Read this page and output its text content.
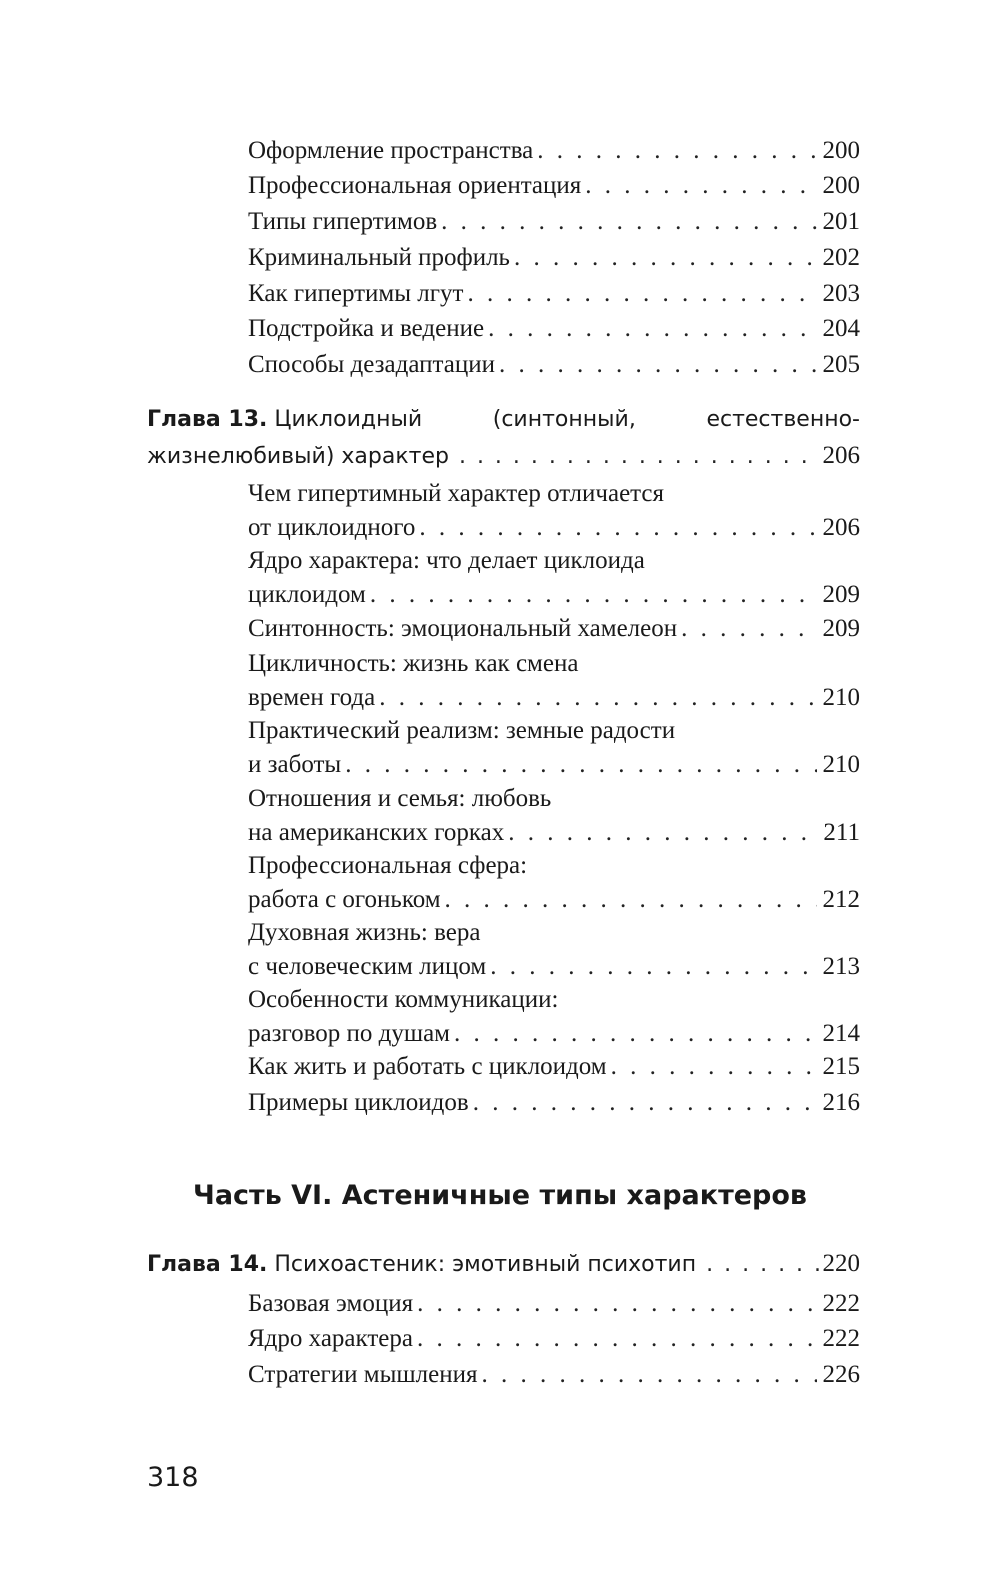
Оформление пространства . . .	200
Профессиональная ориентация . . .	200
Типы гипертимов . . .	201
Криминальный профиль . . .	202
Как гипертимы лгут . . .	203
Подстройка и ведение . . .	204
Способы дезадаптации . . .	205
Глава 13. Циклоидный	(синтонный,	естественно-
жизнелюбивый) характер . . .	206
Чем гипертимный характер отличается
от циклоидного . . .	206
Ядро характера: что делает циклоида
циклоидом . . .	209
Синтонность: эмоциональный хамелеон . . .	209
Цикличность: жизнь как смена
времен года . . .	210
Практический реализм: земные радости
и заботы . . .	210
Отношения и семья: любовь
на американских горках . . .	211
Профессиональная сфера:
работа с огоньком . . .	212
Духовная жизнь: вера
с человеческим лицом . . .	213
Особенности коммуникации:
разговор по душам . . .	214
Как жить и работать с циклоидом . . .	215
Примеры циклоидов . . .	216
Часть VI. Астеничные типы характеров
Глава 14. Психоастеник: эмотивный психотип . . .	220
Базовая эмоция . . .	222
Ядро характера . . .	222
Стратегии мышления . . .	226
318
